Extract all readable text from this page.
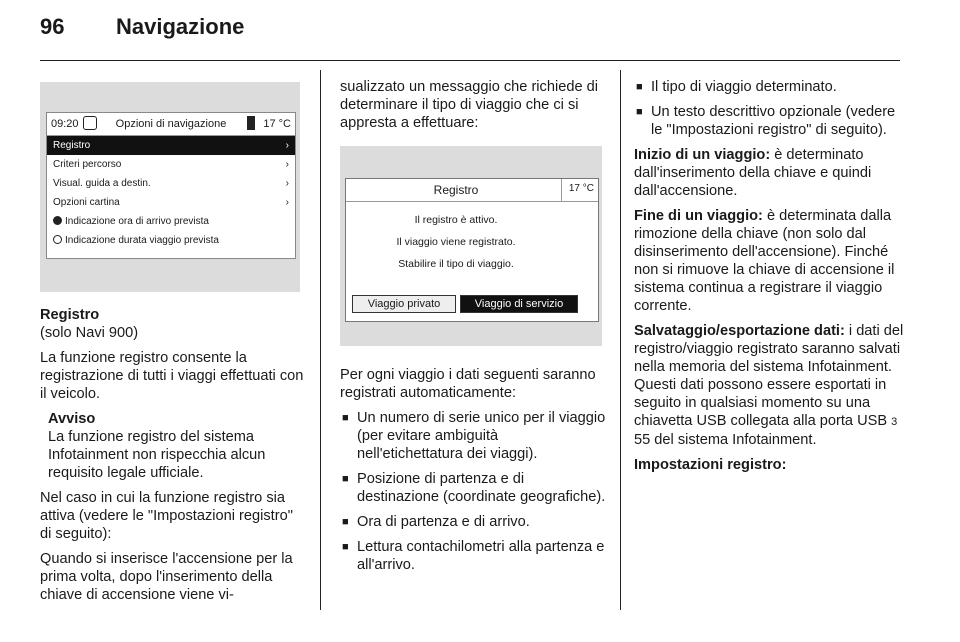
96 Navigazione
09:20	Opzioni di navigazione	17 °C
Registro	›
Criteri percorso	›
Visual. guida a destin.	›
Opzioni cartina	›
Indicazione ora di arrivo prevista
Indicazione durata viaggio prevista
Registro

(solo Navi 900)

La funzione registro consente la registrazione di tutti i viaggi effettuati con il veicolo.

Avviso

La funzione registro del sistema Infotainment non rispecchia alcun requisito legale ufficiale.

Nel caso in cui la funzione registro sia attiva (vedere le "Impostazioni registro" di seguito):

Quando si inserisce l'accensione per la prima volta, dopo l'inserimento della chiave di accensione viene vi-

sualizzato un messaggio che richiede di determinare il tipo di viaggio che ci si appresta a effettuare:

Registro	17 °C
Il registro è attivo.
Il viaggio viene registrato.
Stabilire il tipo di viaggio.
Viaggio privato	Viaggio di servizio

Per ogni viaggio i dati seguenti saranno registrati automaticamente:

■ Un numero di serie unico per il viaggio (per evitare ambiguità nell'etichettatura dei viaggi).
■ Posizione di partenza e di destinazione (coordinate geografiche).
■ Ora di partenza e di arrivo.
■ Lettura contachilometri alla partenza e all'arrivo.
■ Il tipo di viaggio determinato.
■ Un testo descrittivo opzionale (vedere le "Impostazioni registro" di seguito).

Inizio di un viaggio: è determinato dall'inserimento della chiave e quindi dall'accensione.

Fine di un viaggio: è determinata dalla rimozione della chiave (non solo dal disinserimento dell'accensione). Finché non si rimuove la chiave di accensione il sistema continua a registrare il viaggio corrente.

Salvataggio/esportazione dati: i dati del registro/viaggio registrato saranno salvati nella memoria del sistema Infotainment. Questi dati possono essere esportati in seguito in qualsiasi momento su una chiavetta USB collegata alla porta USB 3 55 del sistema Infotainment.

Impostazioni registro:
